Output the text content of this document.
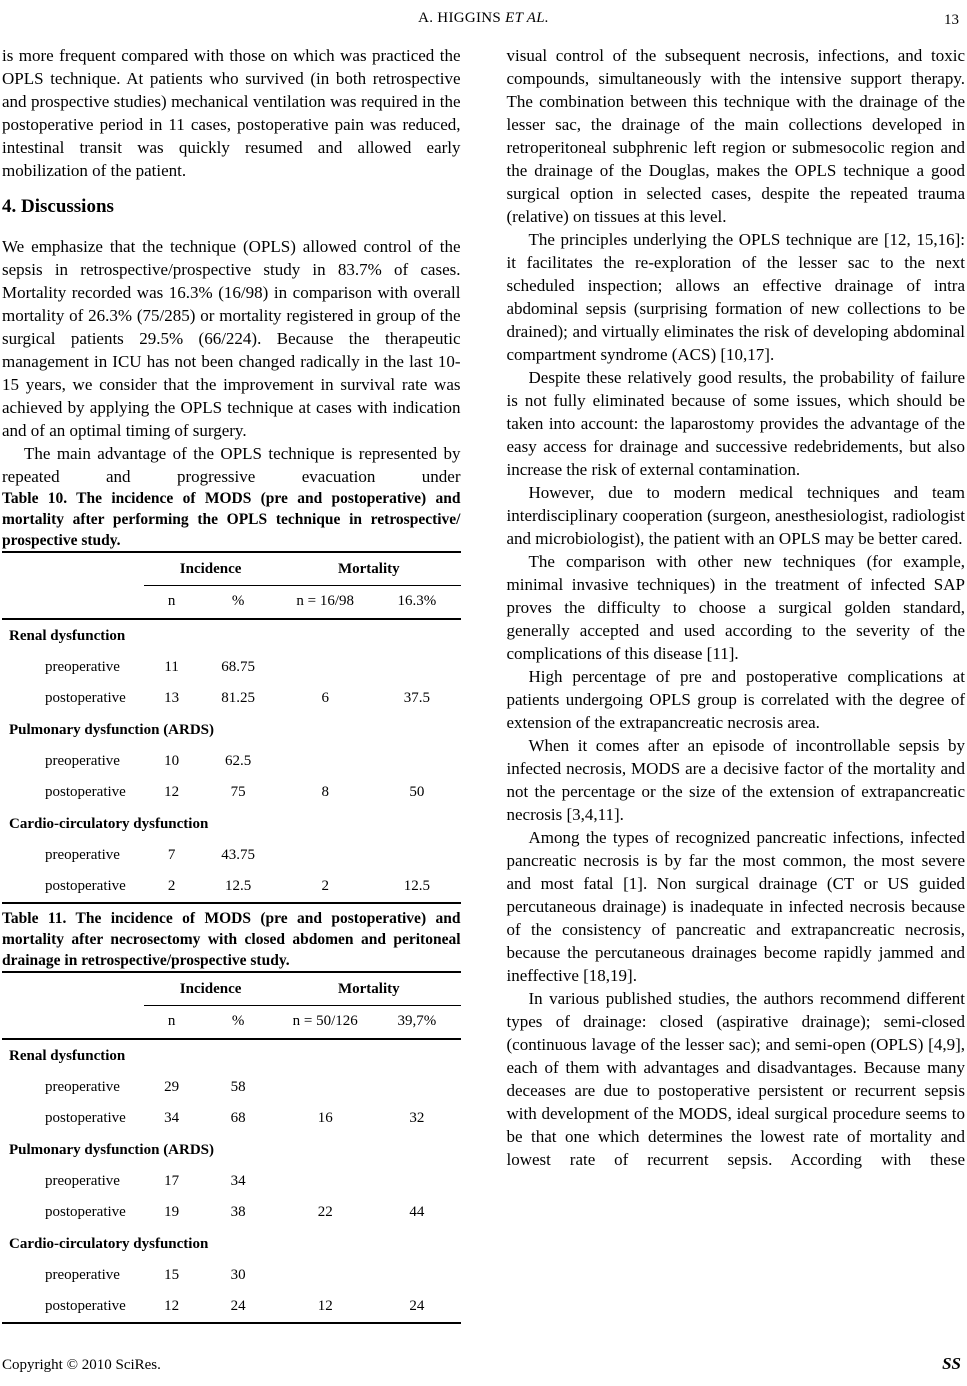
A. HIGGINS ET AL.	13

is more frequent compared with those on which was practiced the OPLS technique. At patients who survived (in both retrospective and prospective studies) mechanical ventilation was required in the postoperative period in 11 cases, postoperative pain was reduced, intestinal transit was quickly resumed and allowed early mobilization of the patient.

4. Discussions

We emphasize that the technique (OPLS) allowed control of the sepsis in retrospective/prospective study in 83.7% of cases. Mortality recorded was 16.3% (16/98) in comparison with overall mortality of 26.3% (75/285) or mortality registered in group of the surgical patients 29.5% (66/224). Because the therapeutic management in ICU has not been changed radically in the last 10-15 years, we consider that the improvement in survival rate was achieved by applying the OPLS technique at cases with indication and of an optimal timing of surgery.

The main advantage of the OPLS technique is represented by repeated and progressive evacuation under

Table 10. The incidence of MODS (pre and postoperative) and mortality after performing the OPLS technique in retrospective/ prospective study.

	Incidence		Mortality	
	n	%	n = 16/98	16.3%
Renal dysfunction				
preoperative	11	68.75		
postoperative	13	81.25	6	37.5
Pulmonary dysfunction (ARDS)				
preoperative	10	62.5		
postoperative	12	75	8	50
Cardio-circulatory dysfunction				
preoperative	7	43.75		
postoperative	2	12.5	2	12.5

Table 11. The incidence of MODS (pre and postoperative) and mortality after necrosectomy with closed abdomen and peritoneal drainage in retrospective/prospective study.

	Incidence		Mortality	
	n	%	n = 50/126	39,7%
Renal dysfunction				
preoperative	29	58		
postoperative	34	68	16	32
Pulmonary dysfunction (ARDS)				
preoperative	17	34		
postoperative	19	38	22	44
Cardio-circulatory dysfunction				
preoperative	15	30		
postoperative	12	24	12	24

visual control of the subsequent necrosis, infections, and toxic compounds, simultaneously with the intensive support therapy. The combination between this technique with the drainage of the lesser sac, the drainage of the main collections developed in retroperitoneal subphrenic left region or submesocolic region and the drainage of the Douglas, makes the OPLS technique a good surgical option in selected cases, despite the repeated trauma (relative) on tissues at this level.

The principles underlying the OPLS technique are [12, 15,16]: it facilitates the re-exploration of the lesser sac to the next scheduled inspection; allows an effective drainage of intra abdominal sepsis (surprising formation of new collections to be drained); and virtually eliminates the risk of developing abdominal compartment syndrome (ACS) [10,17].

Despite these relatively good results, the probability of failure is not fully eliminated because of some issues, which should be taken into account: the laparostomy provides the advantage of the easy access for drainage and successive redebridements, but also increase the risk of external contamination.

However, due to modern medical techniques and team interdisciplinary cooperation (surgeon, anesthesiologist, radiologist and microbiologist), the patient with an OPLS may be better cared.

The comparison with other new techniques (for example, minimal invasive techniques) in the treatment of infected SAP proves the difficulty to choose a surgical golden standard, generally accepted and used according to the severity of the complications of this disease [11].

High percentage of pre and postoperative complications at patients undergoing OPLS group is correlated with the degree of extension of the extrapancreatic necrosis area.

When it comes after an episode of incontrollable sepsis by infected necrosis, MODS are a decisive factor of the mortality and not the percentage or the size of the extension of extrapancreatic necrosis [3,4,11].

Among the types of recognized pancreatic infections, infected pancreatic necrosis is by far the most common, the most severe and most fatal [1]. Non surgical drainage (CT or US guided percutaneous drainage) is inadequate in infected necrosis because of the consistency of pancreatic and extrapancreatic necrosis, because the percutaneous drainages become rapidly jammed and ineffective [18,19].

In various published studies, the authors recommend different types of drainage: closed (aspirative drainage); semi-closed (continuous lavage of the lesser sac); and semi-open (OPLS) [4,9], each of them with advantages and disadvantages. Because many deceases are due to postoperative persistent or recurrent sepsis with development of the MODS, ideal surgical procedure seems to be that one which determines the lowest rate of mortality and lowest rate of recurrent sepsis. According with these

Copyright © 2010 SciRes.	SS
